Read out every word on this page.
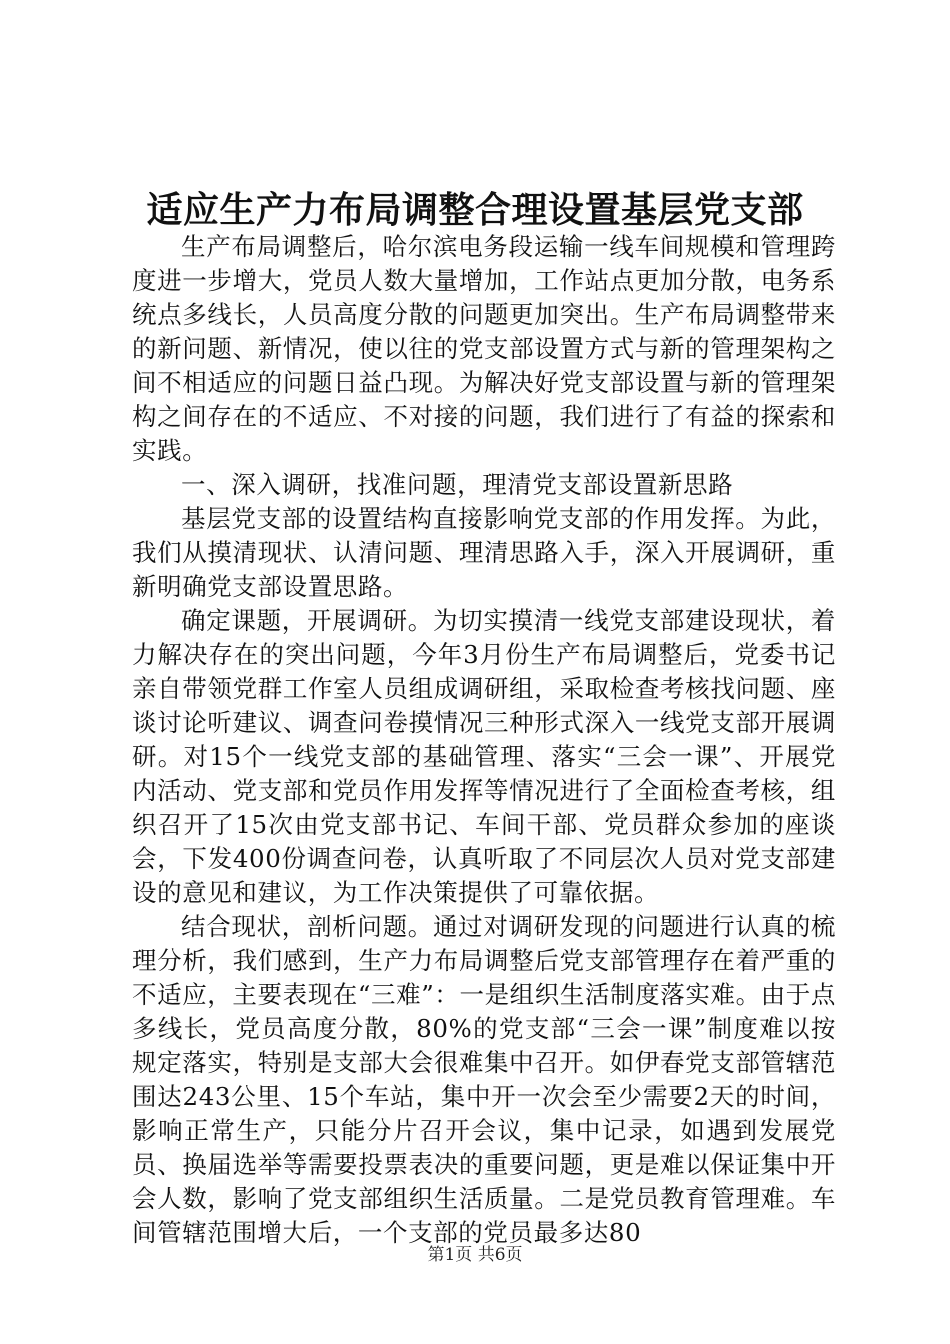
适应生产力布局调整合理设置基层党支部

生产布局调整后，哈尔滨电务段运输一线车间规模和管理跨度进一步增大，党员人数大量增加，工作站点更加分散，电务系统点多线长，人员高度分散的问题更加突出。生产布局调整带来的新问题、新情况，使以往的党支部设置方式与新的管理架构之间不相适应的问题日益凸现。为解决好党支部设置与新的管理架构之间存在的不适应、不对接的问题，我们进行了有益的探索和实践。

一、深入调研，找准问题，理清党支部设置新思路

基层党支部的设置结构直接影响党支部的作用发挥。为此，我们从摸清现状、认清问题、理清思路入手，深入开展调研，重新明确党支部设置思路。

确定课题，开展调研。为切实摸清一线党支部建设现状，着力解决存在的突出问题，今年3月份生产布局调整后，党委书记亲自带领党群工作室人员组成调研组，采取检查考核找问题、座谈讨论听建议、调查问卷摸情况三种形式深入一线党支部开展调研。对15个一线党支部的基础管理、落实“三会一课”、开展党内活动、党支部和党员作用发挥等情况进行了全面检查考核，组织召开了15次由党支部书记、车间干部、党员群众参加的座谈会，下发400份调查问卷，认真听取了不同层次人员对党支部建设的意见和建议，为工作决策提供了可靠依据。

结合现状，剖析问题。通过对调研发现的问题进行认真的梳理分析，我们感到，生产力布局调整后党支部管理存在着严重的不适应，主要表现在“三难”：一是组织生活制度落实难。由于点多线长，党员高度分散，80%的党支部“三会一课”制度难以按规定落实，特别是支部大会很难集中召开。如伊春党支部管辖范围达243公里、15个车站，集中开一次会至少需要2天的时间，影响正常生产，只能分片召开会议，集中记录，如遇到发展党员、换届选举等需要投票表决的重要问题，更是难以保证集中开会人数，影响了党支部组织生活质量。二是党员教育管理难。车间管辖范围增大后，一个支部的党员最多达80

第1页 共6页
